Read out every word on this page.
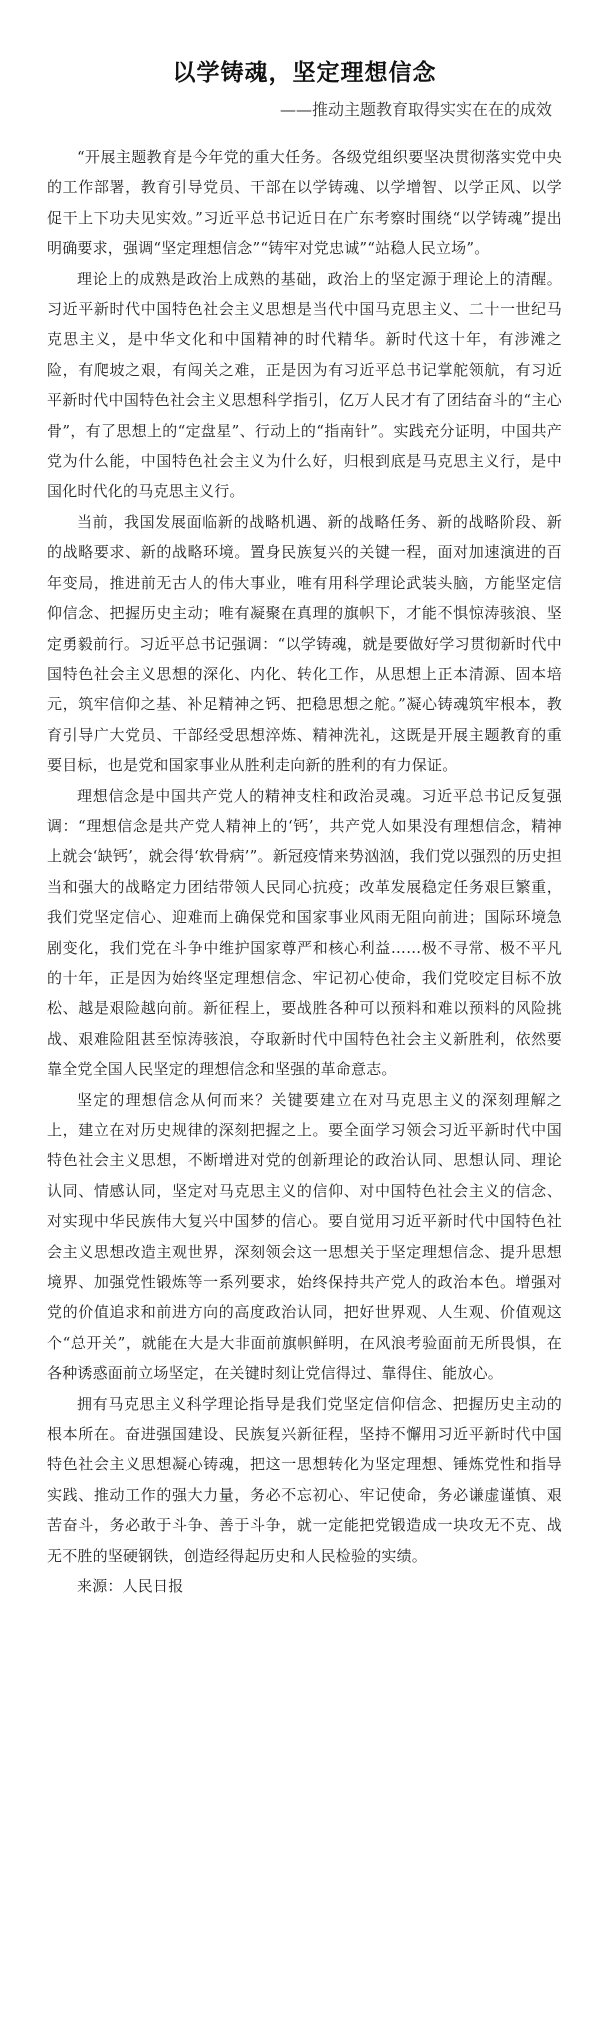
以学铸魂，坚定理想信念
——推动主题教育取得实实在在的成效

“开展主题教育是今年党的重大任务。各级党组织要坚决贯彻落实党中央的工作部署，教育引导党员、干部在以学铸魂、以学增智、以学正风、以学促干上下功夫见实效。”习近平总书记近日在广东考察时围绕“以学铸魂”提出明确要求，强调“坚定理想信念”“铸牢对党忠诚”“站稳人民立场”。

理论上的成熟是政治上成熟的基础，政治上的坚定源于理论上的清醒。习近平新时代中国特色社会主义思想是当代中国马克思主义、二十一世纪马克思主义，是中华文化和中国精神的时代精华。新时代这十年，有涉滩之险，有爬坡之艰，有闯关之难，正是因为有习近平总书记掌舵领航，有习近平新时代中国特色社会主义思想科学指引，亿万人民才有了团结奋斗的“主心骨”，有了思想上的“定盘星”、行动上的“指南针”。实践充分证明，中国共产党为什么能，中国特色社会主义为什么好，归根到底是马克思主义行，是中国化时代化的马克思主义行。

当前，我国发展面临新的战略机遇、新的战略任务、新的战略阶段、新的战略要求、新的战略环境。置身民族复兴的关键一程，面对加速演进的百年变局，推进前无古人的伟大事业，唯有用科学理论武装头脑，方能坚定信仰信念、把握历史主动；唯有凝聚在真理的旗帜下，才能不惧惊涛骇浪、坚定勇毅前行。习近平总书记强调：“以学铸魂，就是要做好学习贯彻新时代中国特色社会主义思想的深化、内化、转化工作，从思想上正本清源、固本培元，筑牢信仰之基、补足精神之钙、把稳思想之舵。”凝心铸魂筑牢根本，教育引导广大党员、干部经受思想淬炼、精神洗礼，这既是开展主题教育的重要目标，也是党和国家事业从胜利走向新的胜利的有力保证。

理想信念是中国共产党人的精神支柱和政治灵魂。习近平总书记反复强调：“理想信念是共产党人精神上的‘钙’，共产党人如果没有理想信念，精神上就会‘缺钙’，就会得‘软骨病’”。新冠疫情来势汹汹，我们党以强烈的历史担当和强大的战略定力团结带领人民同心抗疫；改革发展稳定任务艰巨繁重，我们党坚定信心、迎难而上确保党和国家事业风雨无阻向前进；国际环境急剧变化，我们党在斗争中维护国家尊严和核心利益……极不寻常、极不平凡的十年，正是因为始终坚定理想信念、牢记初心使命，我们党咬定目标不放松、越是艰险越向前。新征程上，要战胜各种可以预料和难以预料的风险挑战、艰难险阻甚至惊涛骇浪，夺取新时代中国特色社会主义新胜利，依然要靠全党全国人民坚定的理想信念和坚强的革命意志。

坚定的理想信念从何而来？关键要建立在对马克思主义的深刻理解之上，建立在对历史规律的深刻把握之上。要全面学习领会习近平新时代中国特色社会主义思想，不断增进对党的创新理论的政治认同、思想认同、理论认同、情感认同，坚定对马克思主义的信仰、对中国特色社会主义的信念、对实现中华民族伟大复兴中国梦的信心。要自觉用习近平新时代中国特色社会主义思想改造主观世界，深刻领会这一思想关于坚定理想信念、提升思想境界、加强党性锻炼等一系列要求，始终保持共产党人的政治本色。增强对党的价值追求和前进方向的高度政治认同，把好世界观、人生观、价值观这个“总开关”，就能在大是大非面前旗帜鲜明，在风浪考验面前无所畏惧，在各种诱惑面前立场坚定，在关键时刻让党信得过、靠得住、能放心。

拥有马克思主义科学理论指导是我们党坚定信仰信念、把握历史主动的根本所在。奋进强国建设、民族复兴新征程，坚持不懈用习近平新时代中国特色社会主义思想凝心铸魂，把这一思想转化为坚定理想、锤炼党性和指导实践、推动工作的强大力量，务必不忘初心、牢记使命，务必谦虚谨慎、艰苦奋斗，务必敢于斗争、善于斗争，就一定能把党锻造成一块攻无不克、战无不胜的坚硬钢铁，创造经得起历史和人民检验的实绩。

来源：人民日报
